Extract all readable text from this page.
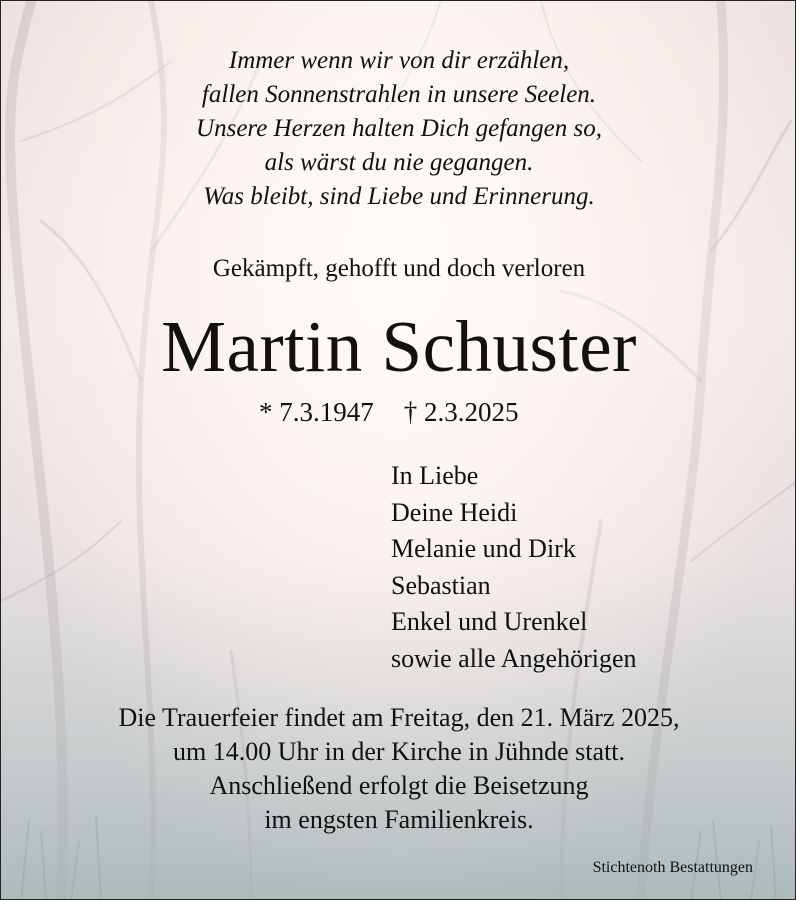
Immer wenn wir von dir erzählen,
fallen Sonnenstrahlen in unsere Seelen.
Unsere Herzen halten Dich gefangen so,
als wärst du nie gegangen.
Was bleibt, sind Liebe und Erinnerung.
Gekämpft, gehofft und doch verloren
Martin Schuster
* 7.3.1947 † 2.3.2025
In Liebe
Deine Heidi
Melanie und Dirk
Sebastian
Enkel und Urenkel
sowie alle Angehörigen
Die Trauerfeier findet am Freitag, den 21. März 2025,
um 14.00 Uhr in der Kirche in Jühnde statt.
Anschließend erfolgt die Beisetzung
im engsten Familienkreis.
Stichtenoth Bestattungen
